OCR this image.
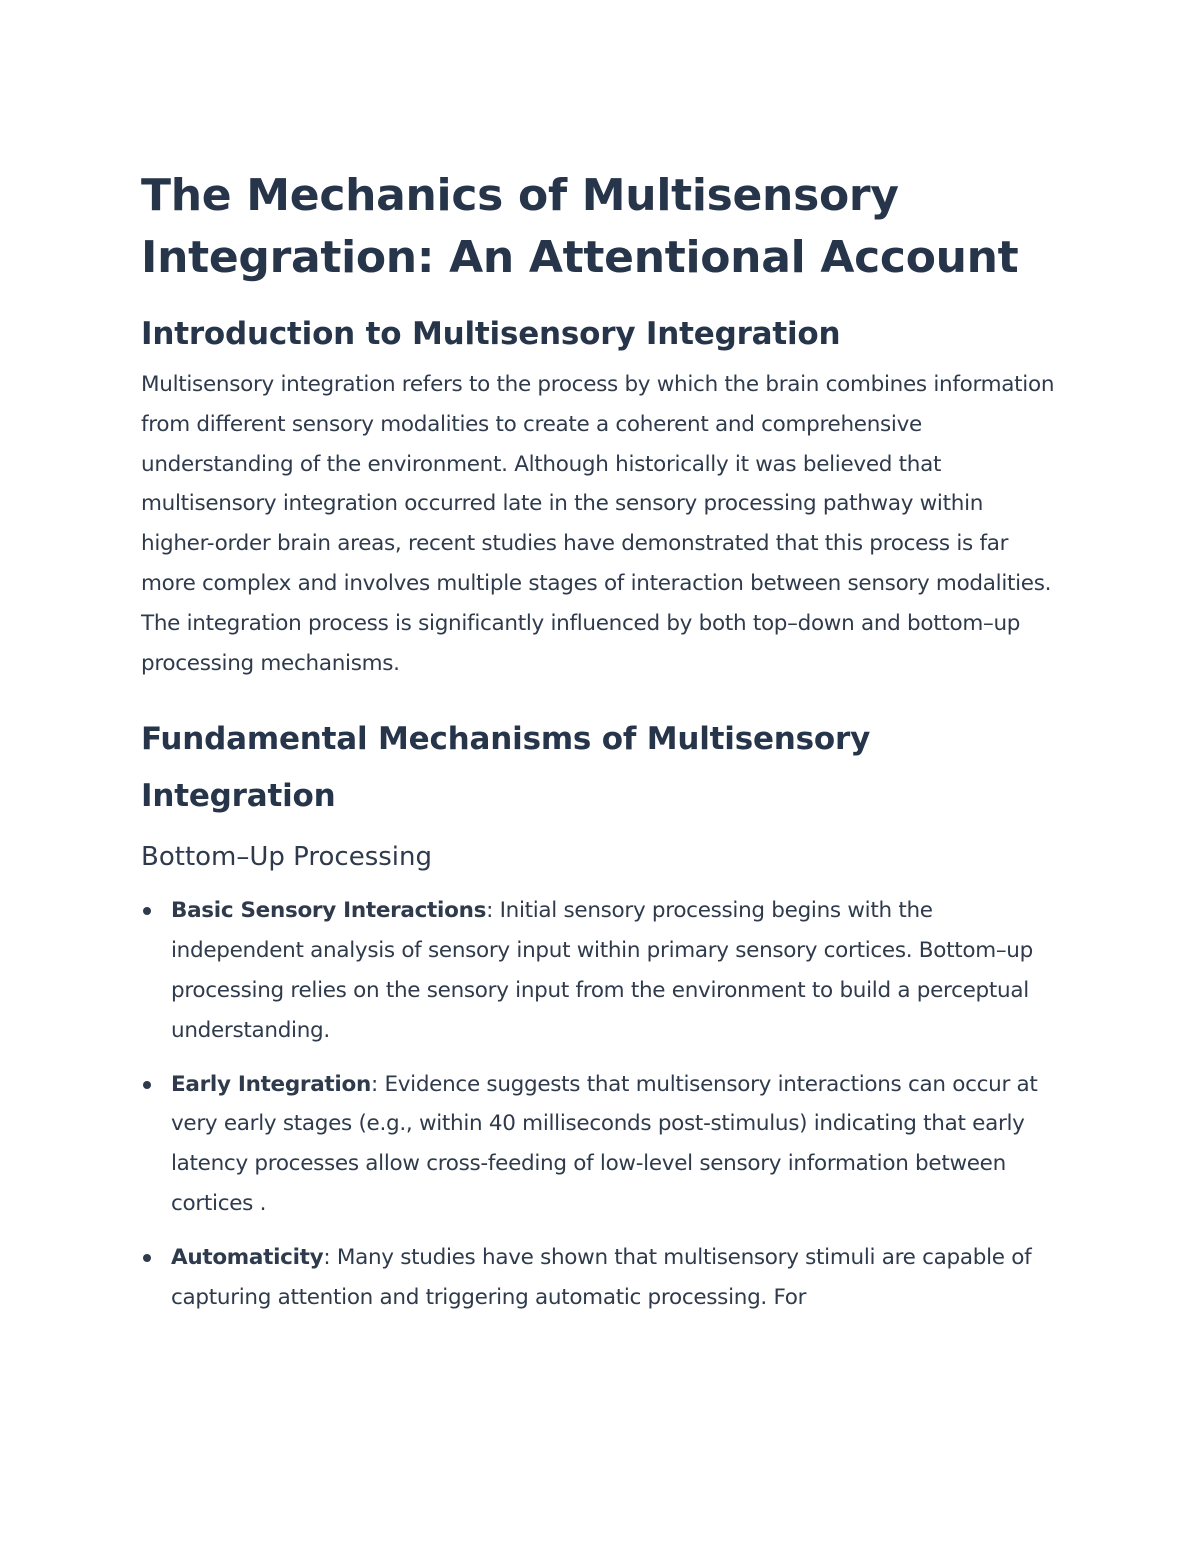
The Mechanics of Multisensory Integration: An Attentional Account
Introduction to Multisensory Integration

Multisensory integration refers to the process by which the brain combines information from different sensory modalities to create a coherent and comprehensive understanding of the environment. Although historically it was believed that multisensory integration occurred late in the sensory processing pathway within higher-order brain areas, recent studies have demonstrated that this process is far more complex and involves multiple stages of interaction between sensory modalities. The integration process is significantly influenced by both top–down and bottom–up processing mechanisms.

Fundamental Mechanisms of Multisensory Integration
Bottom–Up Processing
Basic Sensory Interactions: Initial sensory processing begins with the independent analysis of sensory input within primary sensory cortices. Bottom–up processing relies on the sensory input from the environment to build a perceptual understanding.
Early Integration: Evidence suggests that multisensory interactions can occur at very early stages (e.g., within 40 milliseconds post-stimulus) indicating that early latency processes allow cross-feeding of low-level sensory information between cortices .
Automaticity: Many studies have shown that multisensory stimuli are capable of capturing attention and triggering automatic processing. For
